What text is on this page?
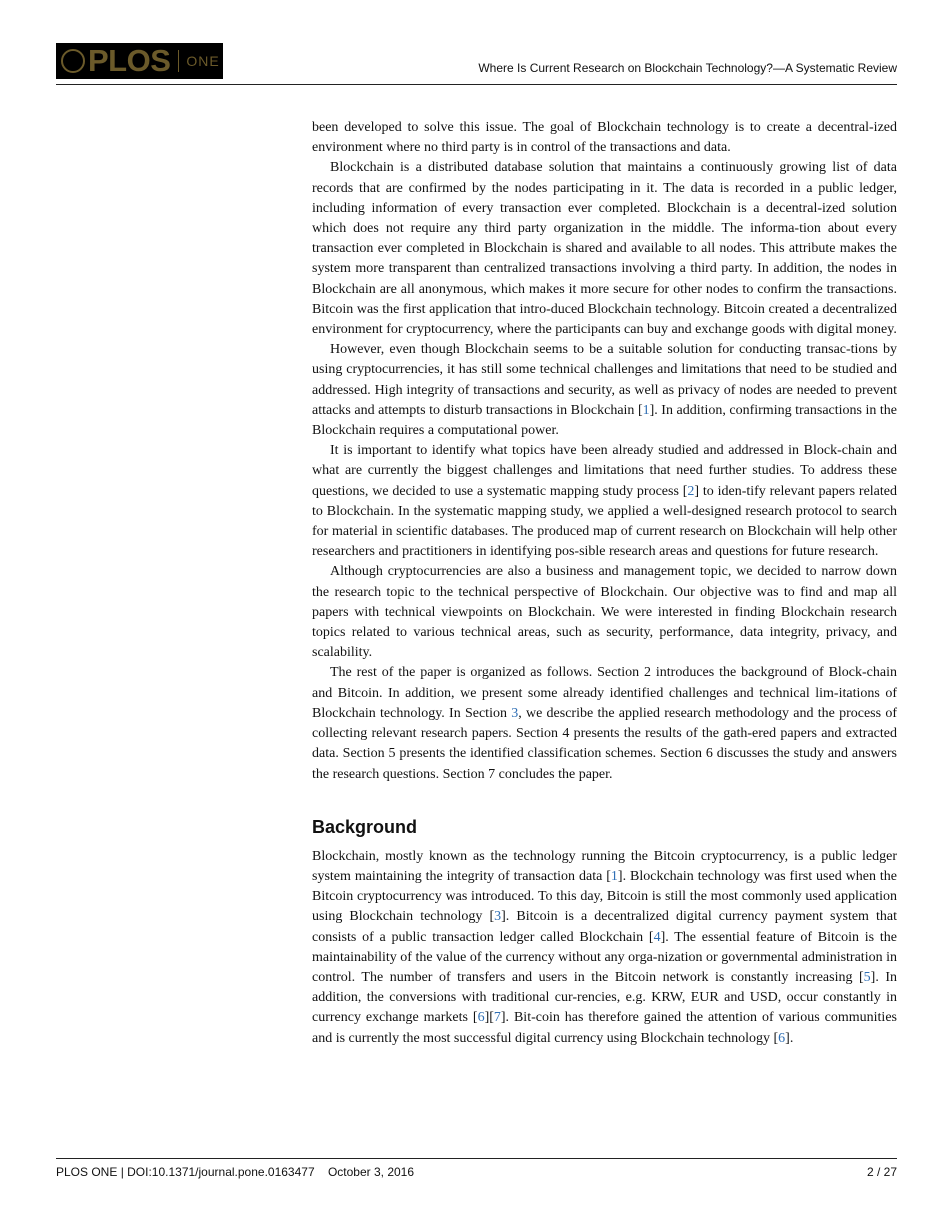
PLOS ONE	Where Is Current Research on Blockchain Technology?—A Systematic Review

been developed to solve this issue. The goal of Blockchain technology is to create a decentral-ized environment where no third party is in control of the transactions and data.

Blockchain is a distributed database solution that maintains a continuously growing list of data records that are confirmed by the nodes participating in it. The data is recorded in a public ledger, including information of every transaction ever completed. Blockchain is a decentral-ized solution which does not require any third party organization in the middle. The informa-tion about every transaction ever completed in Blockchain is shared and available to all nodes. This attribute makes the system more transparent than centralized transactions involving a third party. In addition, the nodes in Blockchain are all anonymous, which makes it more secure for other nodes to confirm the transactions. Bitcoin was the first application that intro-duced Blockchain technology. Bitcoin created a decentralized environment for cryptocurrency, where the participants can buy and exchange goods with digital money.

However, even though Blockchain seems to be a suitable solution for conducting transac-tions by using cryptocurrencies, it has still some technical challenges and limitations that need to be studied and addressed. High integrity of transactions and security, as well as privacy of nodes are needed to prevent attacks and attempts to disturb transactions in Blockchain [1]. In addition, confirming transactions in the Blockchain requires a computational power.

It is important to identify what topics have been already studied and addressed in Block-chain and what are currently the biggest challenges and limitations that need further studies. To address these questions, we decided to use a systematic mapping study process [2] to iden-tify relevant papers related to Blockchain. In the systematic mapping study, we applied a well-designed research protocol to search for material in scientific databases. The produced map of current research on Blockchain will help other researchers and practitioners in identifying pos-sible research areas and questions for future research.

Although cryptocurrencies are also a business and management topic, we decided to narrow down the research topic to the technical perspective of Blockchain. Our objective was to find and map all papers with technical viewpoints on Blockchain. We were interested in finding Blockchain research topics related to various technical areas, such as security, performance, data integrity, privacy, and scalability.

The rest of the paper is organized as follows. Section 2 introduces the background of Block-chain and Bitcoin. In addition, we present some already identified challenges and technical lim-itations of Blockchain technology. In Section 3, we describe the applied research methodology and the process of collecting relevant research papers. Section 4 presents the results of the gath-ered papers and extracted data. Section 5 presents the identified classification schemes. Section 6 discusses the study and answers the research questions. Section 7 concludes the paper.

Background

Blockchain, mostly known as the technology running the Bitcoin cryptocurrency, is a public ledger system maintaining the integrity of transaction data [1]. Blockchain technology was first used when the Bitcoin cryptocurrency was introduced. To this day, Bitcoin is still the most commonly used application using Blockchain technology [3]. Bitcoin is a decentralized digital currency payment system that consists of a public transaction ledger called Blockchain [4]. The essential feature of Bitcoin is the maintainability of the value of the currency without any orga-nization or governmental administration in control. The number of transfers and users in the Bitcoin network is constantly increasing [5]. In addition, the conversions with traditional cur-rencies, e.g. KRW, EUR and USD, occur constantly in currency exchange markets [6][7]. Bit-coin has therefore gained the attention of various communities and is currently the most successful digital currency using Blockchain technology [6].

PLOS ONE | DOI:10.1371/journal.pone.0163477    October 3, 2016	2 / 27
